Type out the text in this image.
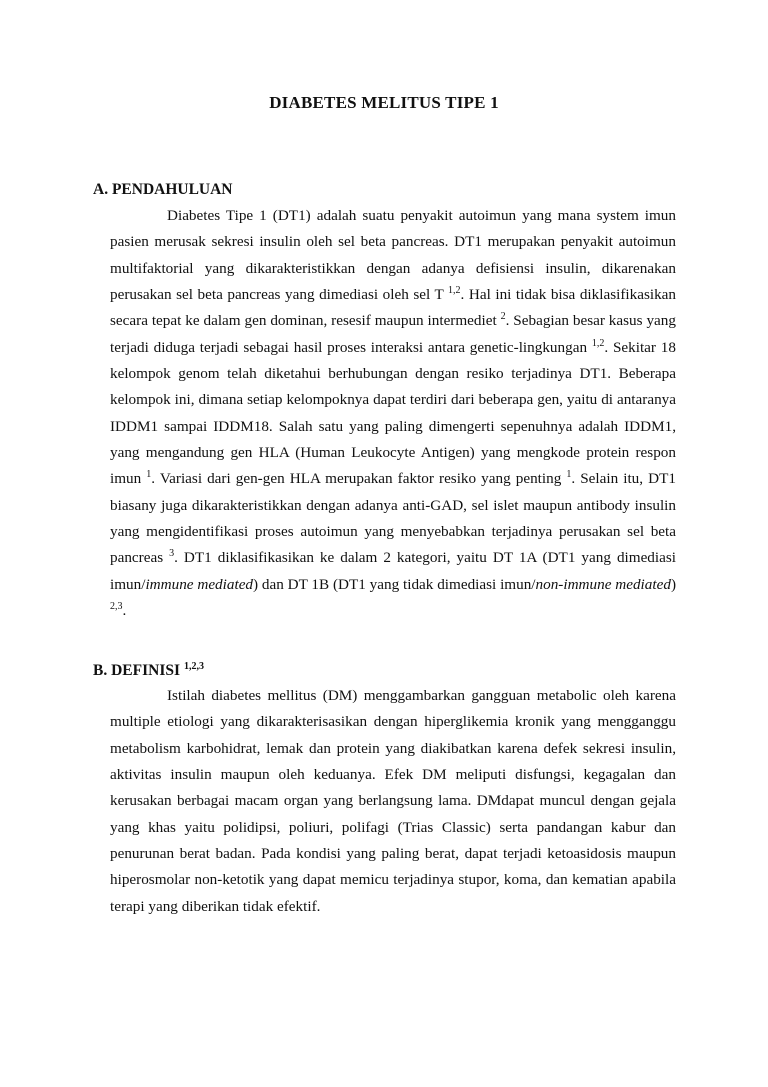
DIABETES MELITUS TIPE 1
A. PENDAHULUAN

Diabetes Tipe 1 (DT1) adalah suatu penyakit autoimun yang mana system imun pasien merusak sekresi insulin oleh sel beta pancreas. DT1 merupakan penyakit autoimun multifaktorial yang dikarakteristikkan dengan adanya defisiensi insulin, dikarenakan perusakan sel beta pancreas yang dimediasi oleh sel T $^{1,2}$. Hal ini tidak bisa diklasifikasikan secara tepat ke dalam gen dominan, resesif maupun intermediet $^2$. Sebagian besar kasus yang terjadi diduga terjadi sebagai hasil proses interaksi antara genetic-lingkungan $^{1,2}$. Sekitar 18 kelompok genom telah diketahui berhubungan dengan resiko terjadinya DT1. Beberapa kelompok ini, dimana setiap kelompoknya dapat terdiri dari beberapa gen, yaitu di antaranya IDDM1 sampai IDDM18. Salah satu yang paling dimengerti sepenuhnya adalah IDDM1, yang mengandung gen HLA (Human Leukocyte Antigen) yang mengkode protein respon imun $^1$. Variasi dari gen-gen HLA merupakan faktor resiko yang penting $^1$. Selain itu, DT1 biasany juga dikarakteristikkan dengan adanya anti-GAD, sel islet maupun antibody insulin yang mengidentifikasi proses autoimun yang menyebabkan terjadinya perusakan sel beta pancreas $^3$. DT1 diklasifikasikan ke dalam 2 kategori, yaitu DT 1A (DT1 yang dimediasi imun/immune mediated) dan DT 1B (DT1 yang tidak dimediasi imun/non-immune mediated) $^{2,3}$.

B. DEFINISI $^{1,2,3}$

Istilah diabetes mellitus (DM) menggambarkan gangguan metabolic oleh karena multiple etiologi yang dikarakterisasikan dengan hiperglikemia kronik yang mengganggu metabolism karbohidrat, lemak dan protein yang diakibatkan karena defek sekresi insulin, aktivitas insulin maupun oleh keduanya. Efek DM meliputi disfungsi, kegagalan dan kerusakan berbagai macam organ yang berlangsung lama. DMdapat muncul dengan gejala yang khas yaitu polidipsi, poliuri, polifagi (Trias Classic) serta pandangan kabur dan penurunan berat badan. Pada kondisi yang paling berat, dapat terjadi ketoasidosis maupun hiperosmolar non-ketotik yang dapat memicu terjadinya stupor, koma, dan kematian apabila terapi yang diberikan tidak efektif.
